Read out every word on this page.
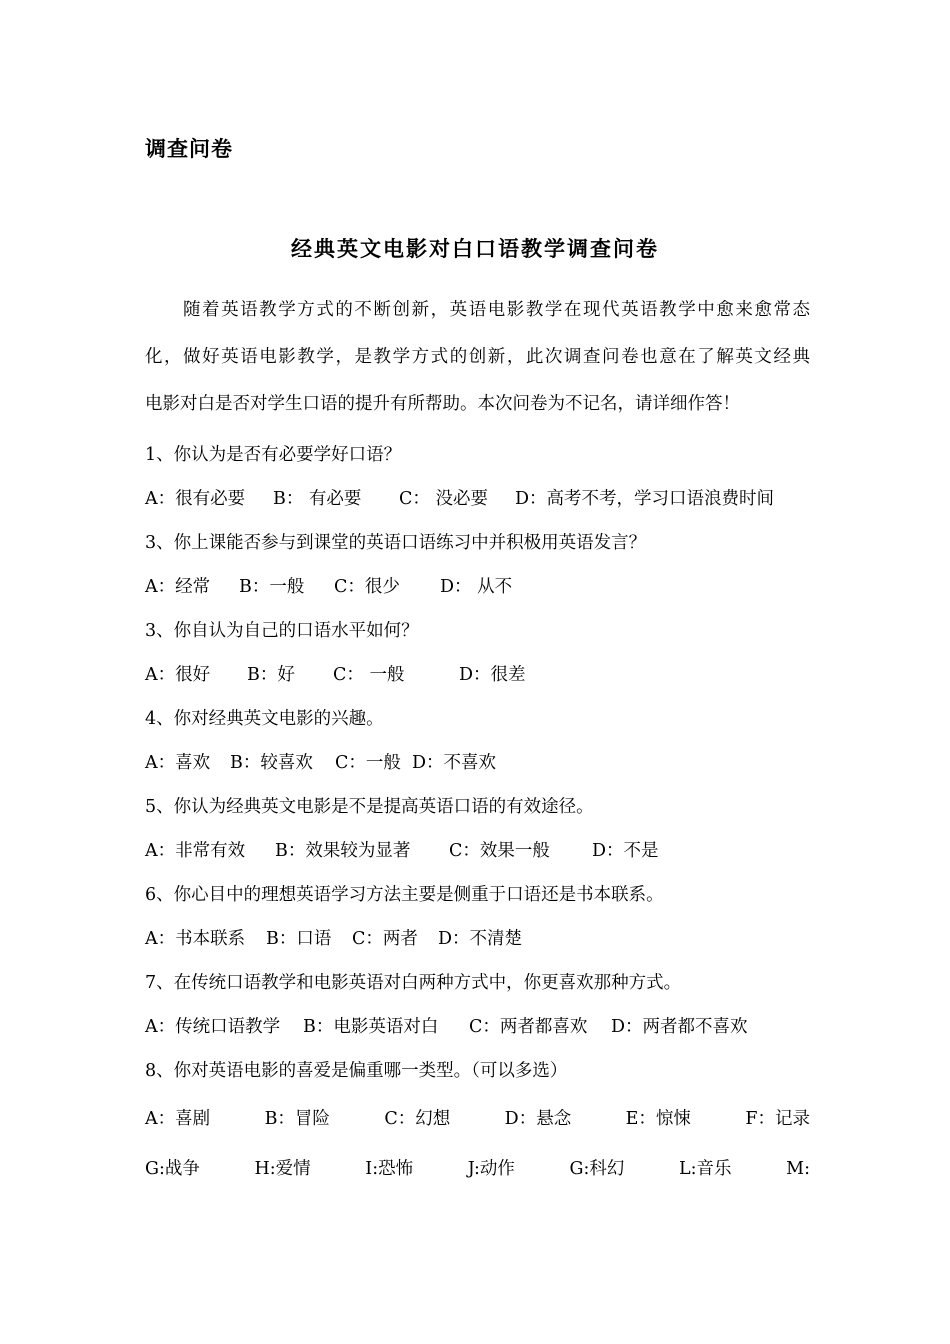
调查问卷
经典英文电影对白口语教学调查问卷
随着英语教学方式的不断创新，英语电影教学在现代英语教学中愈来愈常态
化，做好英语电影教学，是教学方式的创新，此次调查问卷也意在了解英文经典
电影对白是否对学生口语的提升有所帮助。本次问卷为不记名，请详细作答！
1、你认为是否有必要学好口语？
A：很有必要 B： 有必要 C： 没必要 D：高考不考，学习口语浪费时间
3、你上课能否参与到课堂的英语口语练习中并积极用英语发言？
A：经常 B：一般 C：很少 D： 从不
3、你自认为自己的口语水平如何？
A：很好 B：好 C： 一般	D：很差
4、你对经典英文电影的兴趣。
A：喜欢 B：较喜欢 C：一般 D：不喜欢
5、你认为经典英文电影是不是提高英语口语的有效途径。
A：非常有效 B：效果较为显著 C：效果一般 D：不是
6、你心目中的理想英语学习方法主要是侧重于口语还是书本联系。
A：书本联系 B：口语 C：两者 D：不清楚
7、在传统口语教学和电影英语对白两种方式中，你更喜欢那种方式。
A：传统口语教学 B：电影英语对白 C：两者都喜欢 D：两者都不喜欢
8、你对英语电影的喜爱是偏重哪一类型。（可以多选）
A：喜剧	B：冒险	C：幻想	D：悬念	E：惊悚	F：记录
G:战争	H:爱情	I:恐怖	J:动作	G:科幻	L:音乐	M:
